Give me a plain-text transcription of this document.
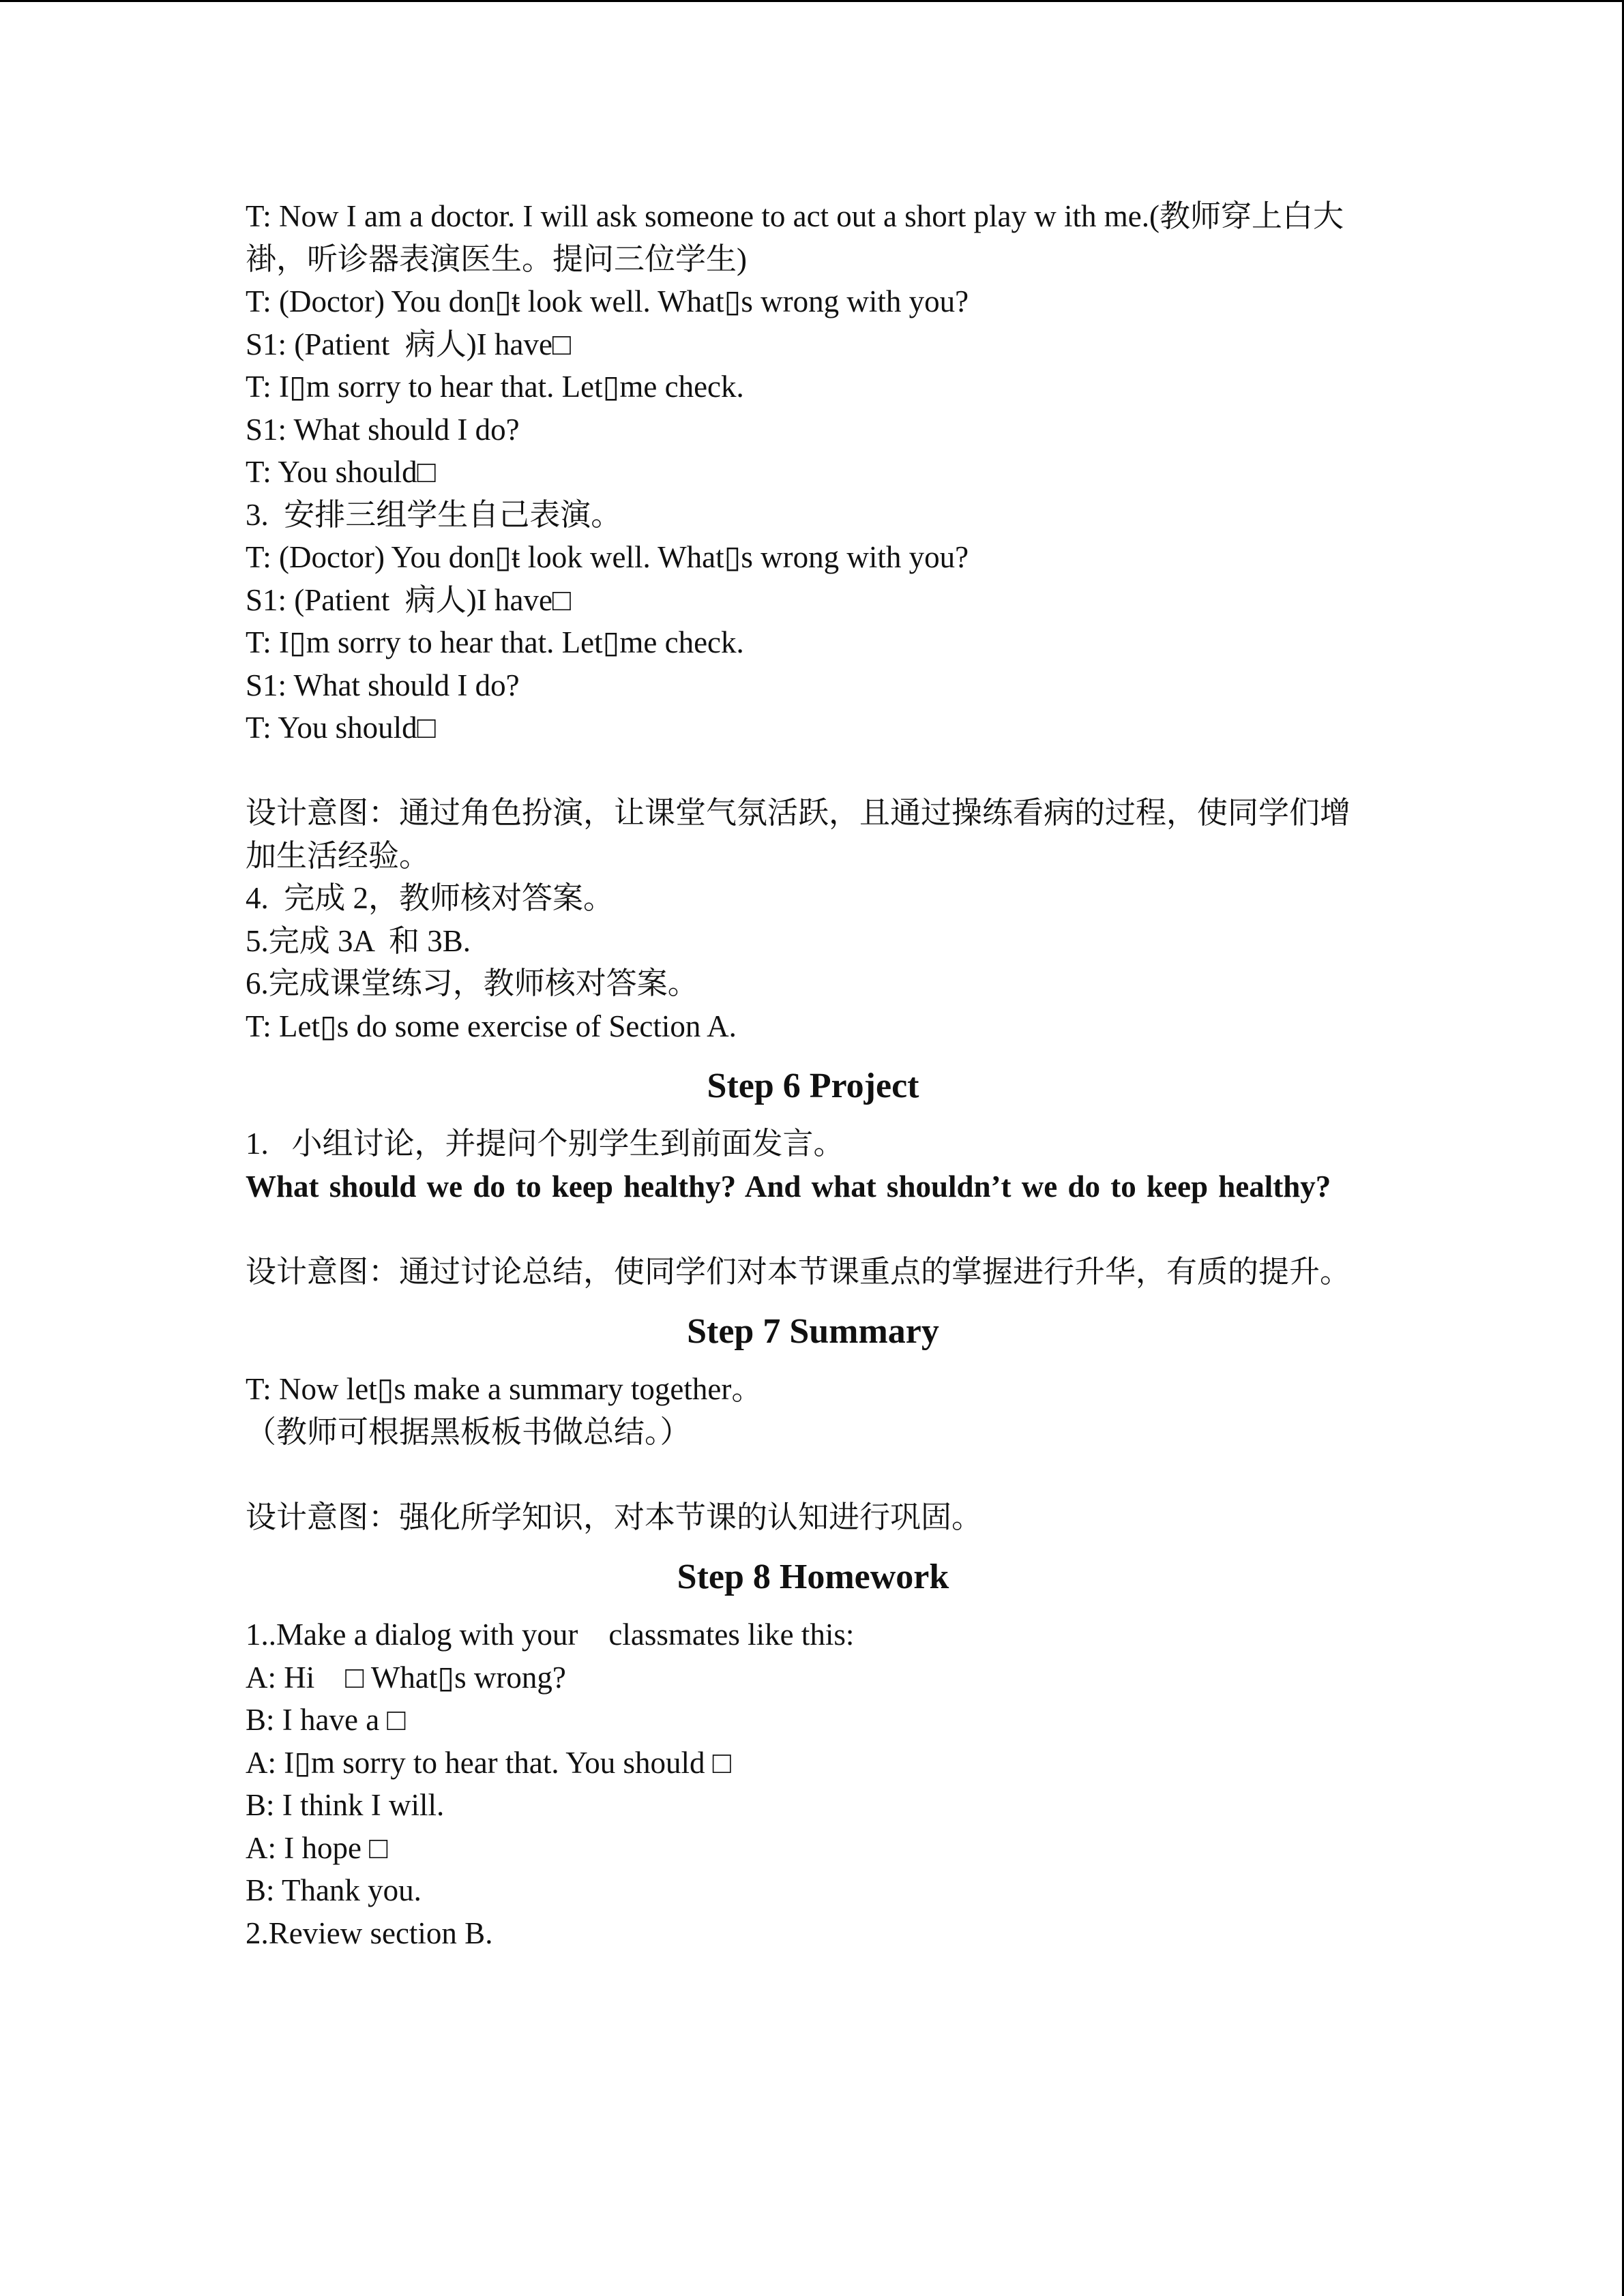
T: Now I am a doctor. I will ask someone to act out a short play w ith me.(教师穿上白大褂，听诊器表演医生。提问三位学生)

T: (Doctor) You don▯ŧ look well. What▯s wrong with you?

S1: (Patient  病人)I have□

T: I▯m sorry to hear that. Let▯me check.

S1: What should I do?

T: You should□

3.  安排三组学生自己表演。

T: (Doctor) You don▯ŧ look well. What▯s wrong with you?

S1: (Patient  病人)I have□

T: I▯m sorry to hear that. Let▯me check.

S1: What should I do?

T: You should□

设计意图：通过角色扮演，让课堂气氛活跃，且通过操练看病的过程，使同学们增加生活经验。

4.  完成 2，教师核对答案。

5.完成 3A  和 3B.

6.完成课堂练习，教师核对答案。

T: Let▯s do some exercise of Section A.

Step 6 Project

1.   小组讨论，并提问个别学生到前面发言。

What should we do to keep healthy? And what shouldn’t we do to keep healthy?

设计意图：通过讨论总结，使同学们对本节课重点的掌握进行升华，有质的提升。

Step 7 Summary

T: Now let▯s make a summary together。

（教师可根据黑板板书做总结。）

设计意图：强化所学知识，对本节课的认知进行巩固。

Step 8 Homework

1..Make a dialog with your    classmates like this:

A: Hi    □ What▯s wrong?

B: I have a □

A: I▯m sorry to hear that. You should □

B: I think I will.

A: I hope □

B: Thank you.

2.Review section B.
